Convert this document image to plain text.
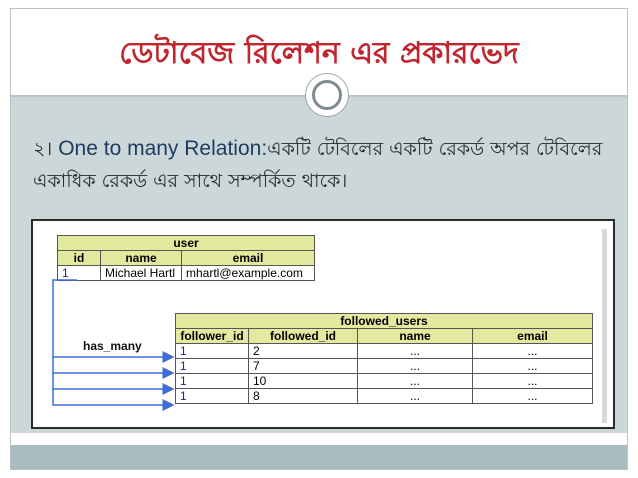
ডেটাবেজ রিলেশন এর প্রকারভেদ
২। One to many Relation:একটি টেবিলের একটি রেকর্ড অপর টেবিলের
একাধিক রেকর্ড এর সাথে সম্পর্কিত থাকে।
user		
id	name	email
1	Michael Hartl	mhartl@example.com
has_many
followed_users			
follower_id	followed_id	name	email
1	2	...	...
1	7	...	...
1	10	...	...
1	8	...	...
